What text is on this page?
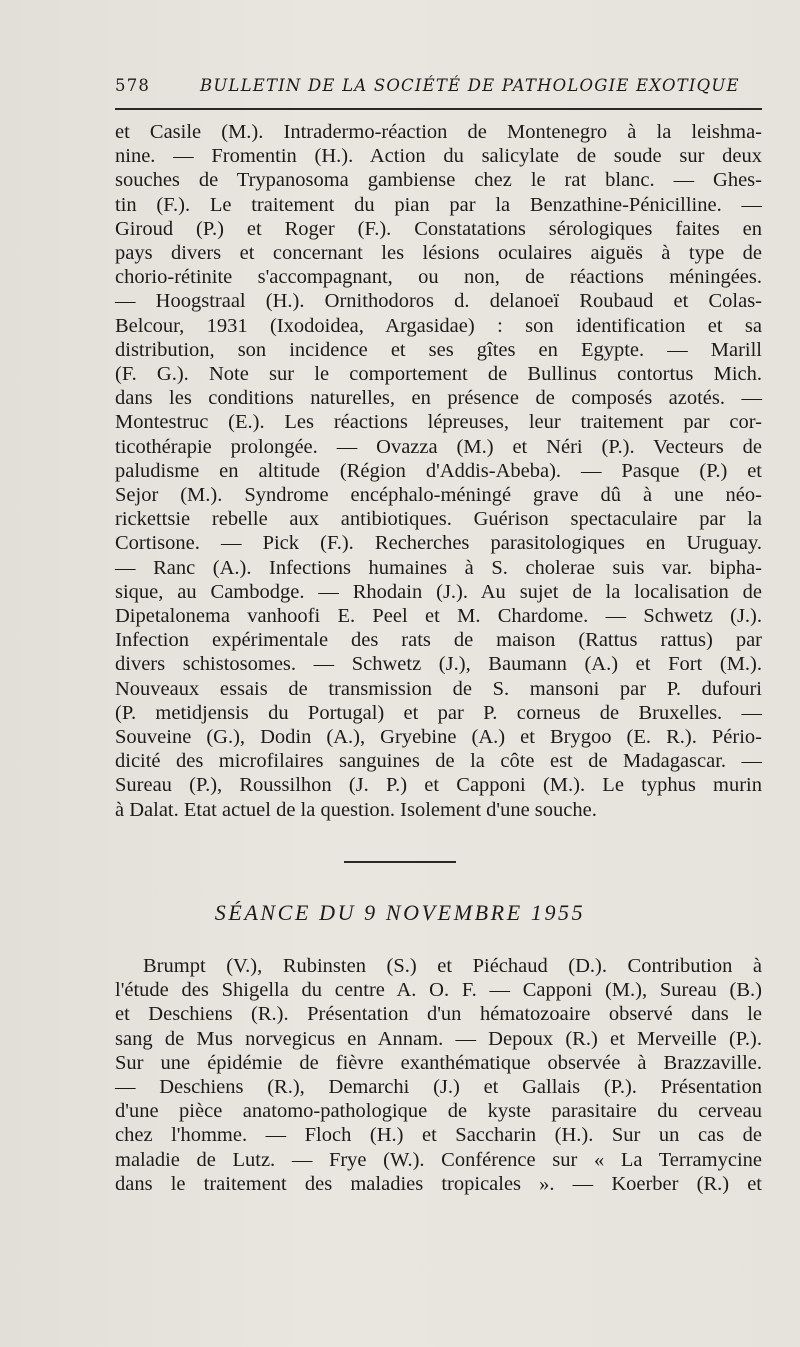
578	BULLETIN DE LA SOCIÉTÉ DE PATHOLOGIE EXOTIQUE
et Casile (M.). Intradermo-réaction de Montenegro à la leishma-
nine. — Fromentin (H.). Action du salicylate de soude sur deux
souches de Trypanosoma gambiense chez le rat blanc. — Ghes-
tin (F.). Le traitement du pian par la Benzathine-Pénicilline. —
Giroud (P.) et Roger (F.). Constatations sérologiques faites en
pays divers et concernant les lésions oculaires aiguës à type de
chorio-rétinite s'accompagnant, ou non, de réactions méningées.
— Hoogstraal (H.). Ornithodoros d. delanoeï Roubaud et Colas-
Belcour, 1931 (Ixodoidea, Argasidae) : son identification et sa
distribution, son incidence et ses gîtes en Egypte. — Marill
(F. G.). Note sur le comportement de Bullinus contortus Mich.
dans les conditions naturelles, en présence de composés azotés. —
Montestruc (E.). Les réactions lépreuses, leur traitement par cor-
ticothérapie prolongée. — Ovazza (M.) et Néri (P.). Vecteurs de
paludisme en altitude (Région d'Addis-Abeba). — Pasque (P.) et
Sejor (M.). Syndrome encéphalo-méningé grave dû à une néo-
rickettsie rebelle aux antibiotiques. Guérison spectaculaire par la
Cortisone. — Pick (F.). Recherches parasitologiques en Uruguay.
— Ranc (A.). Infections humaines à S. cholerae suis var. bipha-
sique, au Cambodge. — Rhodain (J.). Au sujet de la localisation de
Dipetalonema vanhoofi E. Peel et M. Chardome. — Schwetz (J.).
Infection expérimentale des rats de maison (Rattus rattus) par
divers schistosomes. — Schwetz (J.), Baumann (A.) et Fort (M.).
Nouveaux essais de transmission de S. mansoni par P. dufouri
(P. metidjensis du Portugal) et par P. corneus de Bruxelles. —
Souveine (G.), Dodin (A.), Gryebine (A.) et Brygoo (E. R.). Pério-
dicité des microfilaires sanguines de la côte est de Madagascar. —
Sureau (P.), Roussilhon (J. P.) et Capponi (M.). Le typhus murin
à Dalat. Etat actuel de la question. Isolement d'une souche.
SÉANCE DU 9 NOVEMBRE 1955
Brumpt (V.), Rubinsten (S.) et Piéchaud (D.). Contribution à
l'étude des Shigella du centre A. O. F. — Capponi (M.), Sureau (B.)
et Deschiens (R.). Présentation d'un hématozoaire observé dans le
sang de Mus norvegicus en Annam. — Depoux (R.) et Merveille (P.).
Sur une épidémie de fièvre exanthématique observée à Brazzaville.
— Deschiens (R.), Demarchi (J.) et Gallais (P.). Présentation
d'une pièce anatomo-pathologique de kyste parasitaire du cerveau
chez l'homme. — Floch (H.) et Saccharin (H.). Sur un cas de
maladie de Lutz. — Frye (W.). Conférence sur « La Terramycine
dans le traitement des maladies tropicales ». — Koerber (R.) et
